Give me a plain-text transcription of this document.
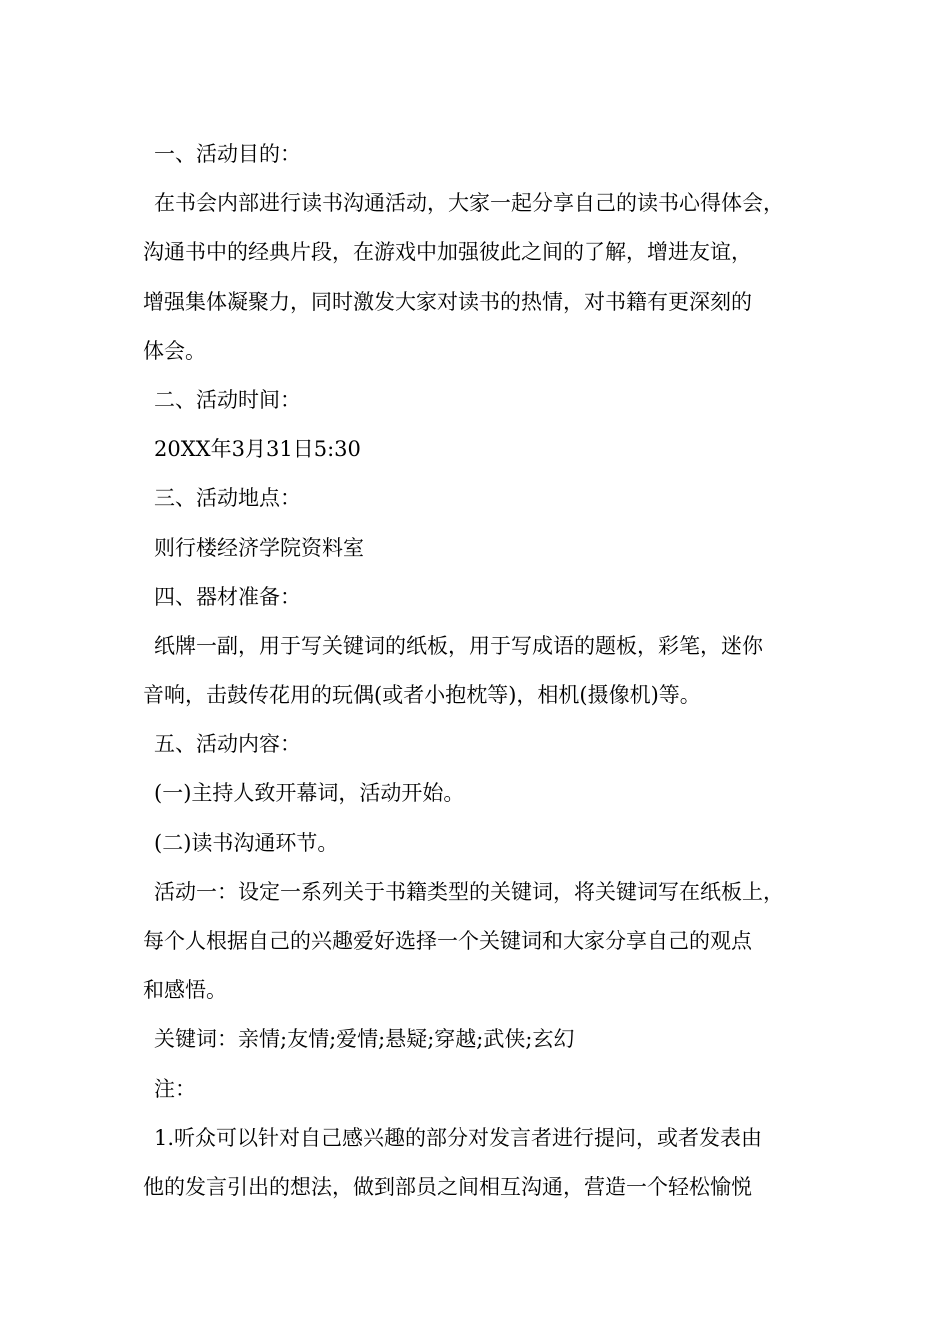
一、活动目的：
在书会内部进行读书沟通活动，大家一起分享自己的读书心得体会，
沟通书中的经典片段，在游戏中加强彼此之间的了解，增进友谊，
增强集体凝聚力，同时激发大家对读书的热情，对书籍有更深刻的
体会。
二、活动时间：
20XX年3月31日5:30
三、活动地点：
则行楼经济学院资料室
四、器材准备：
纸牌一副，用于写关键词的纸板，用于写成语的题板，彩笔，迷你
音响，击鼓传花用的玩偶(或者小抱枕等)，相机(摄像机)等。
五、活动内容：
(一)主持人致开幕词，活动开始。
(二)读书沟通环节。
活动一：设定一系列关于书籍类型的关键词，将关键词写在纸板上，
每个人根据自己的兴趣爱好选择一个关键词和大家分享自己的观点
和感悟。
关键词：亲情;友情;爱情;悬疑;穿越;武侠;玄幻
注：
1.听众可以针对自己感兴趣的部分对发言者进行提问，或者发表由
他的发言引出的想法，做到部员之间相互沟通，营造一个轻松愉悦
